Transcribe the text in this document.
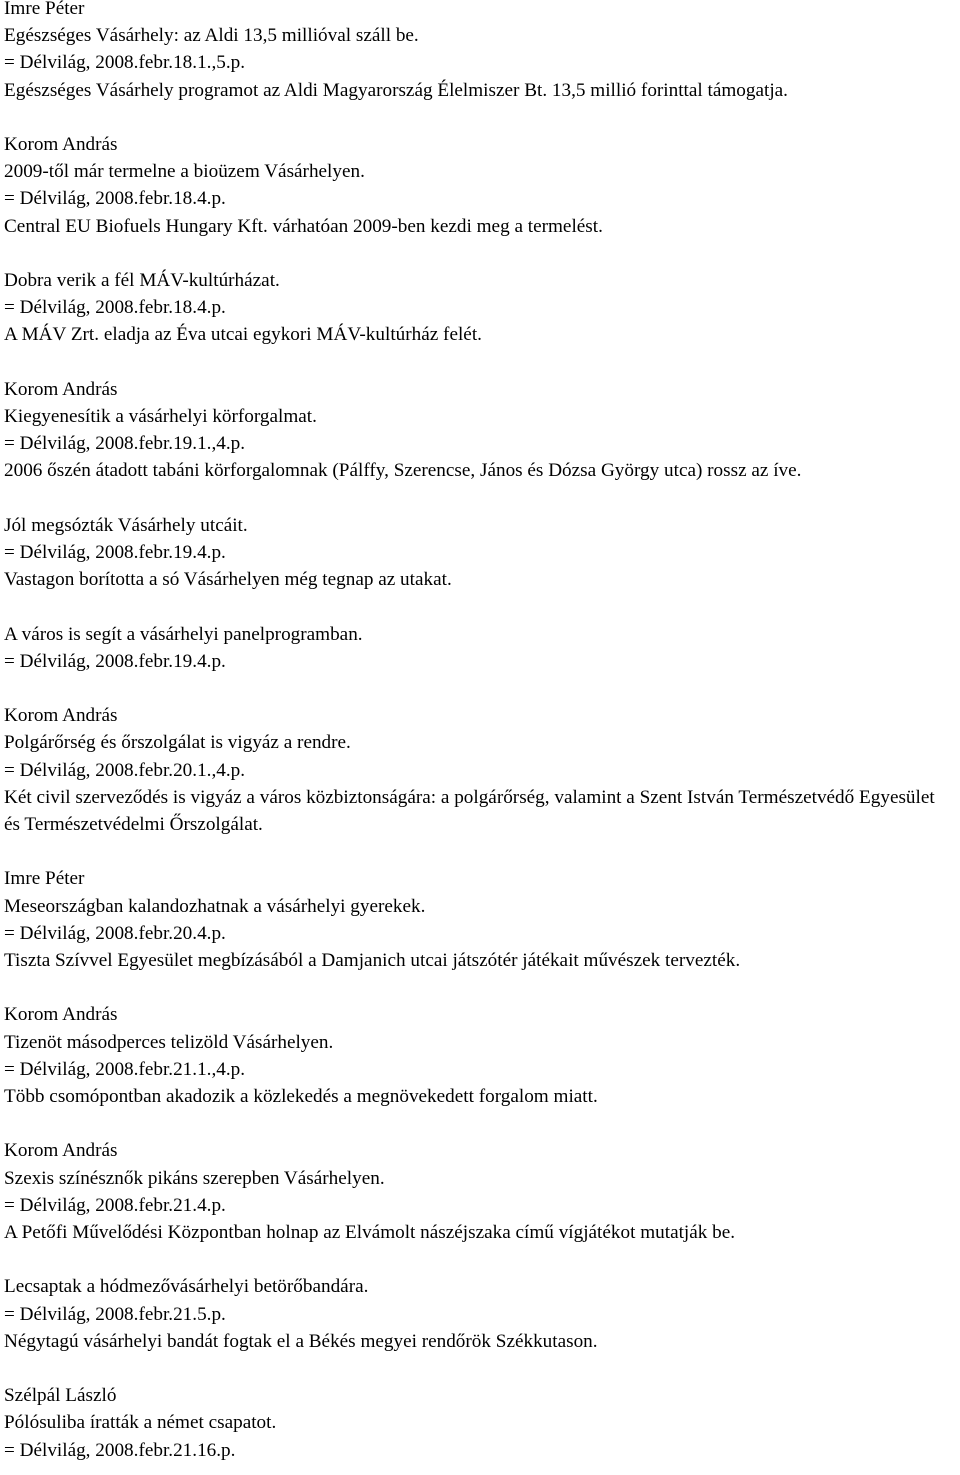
Imre Péter
Egészséges Vásárhely: az Aldi 13,5 millióval száll be.
= Délvilág, 2008.febr.18.1.,5.p.
Egészséges Vásárhely programot az Aldi Magyarország Élelmiszer Bt. 13,5 millió forinttal támogatja.
Korom András
2009-től már termelne a bioüzem Vásárhelyen.
= Délvilág, 2008.febr.18.4.p.
Central EU Biofuels Hungary Kft. várhatóan 2009-ben kezdi meg a termelést.
Dobra verik a fél MÁV-kultúrházat.
= Délvilág, 2008.febr.18.4.p.
A MÁV Zrt. eladja az Éva utcai egykori MÁV-kultúrház felét.
Korom András
Kiegyenesítik a vásárhelyi körforgalmat.
= Délvilág, 2008.febr.19.1.,4.p.
2006 őszén átadott tabáni körforgalomnak (Pálffy, Szerencse, János és Dózsa György utca) rossz az íve.
Jól megsózták Vásárhely utcáit.
= Délvilág, 2008.febr.19.4.p.
Vastagon borította a só Vásárhelyen még tegnap az utakat.
A város is segít a vásárhelyi panelprogramban.
= Délvilág, 2008.febr.19.4.p.
Korom András
Polgárőrség és őrszolgálat is vigyáz a rendre.
= Délvilág, 2008.febr.20.1.,4.p.
Két civil szerveződés is vigyáz a város közbiztonságára: a polgárőrség, valamint a Szent István Természetvédő Egyesület és Természetvédelmi Őrszolgálat.
Imre Péter
Meseországban kalandozhatnak a vásárhelyi gyerekek.
= Délvilág, 2008.febr.20.4.p.
Tiszta Szívvel Egyesület megbízásából a Damjanich utcai játszótér játékait művészek tervezték.
Korom András
Tizenöt másodperces telizöld Vásárhelyen.
= Délvilág, 2008.febr.21.1.,4.p.
Több csomópontban akadozik a közlekedés a megnövekedett forgalom miatt.
Korom András
Szexis színésznők pikáns szerepben Vásárhelyen.
= Délvilág, 2008.febr.21.4.p.
A Petőfi Művelődési Központban holnap az Elvámolt nászéjszaka című vígjátékot mutatják be.
Lecsaptak a hódmezővásárhelyi betörőbandára.
= Délvilág, 2008.febr.21.5.p.
Négytagú vásárhelyi bandát fogtak el a Békés megyei rendőrök Székkutason.
Szélpál László
Pólósuliba íratták a német csapatot.
= Délvilág, 2008.febr.21.16.p.
